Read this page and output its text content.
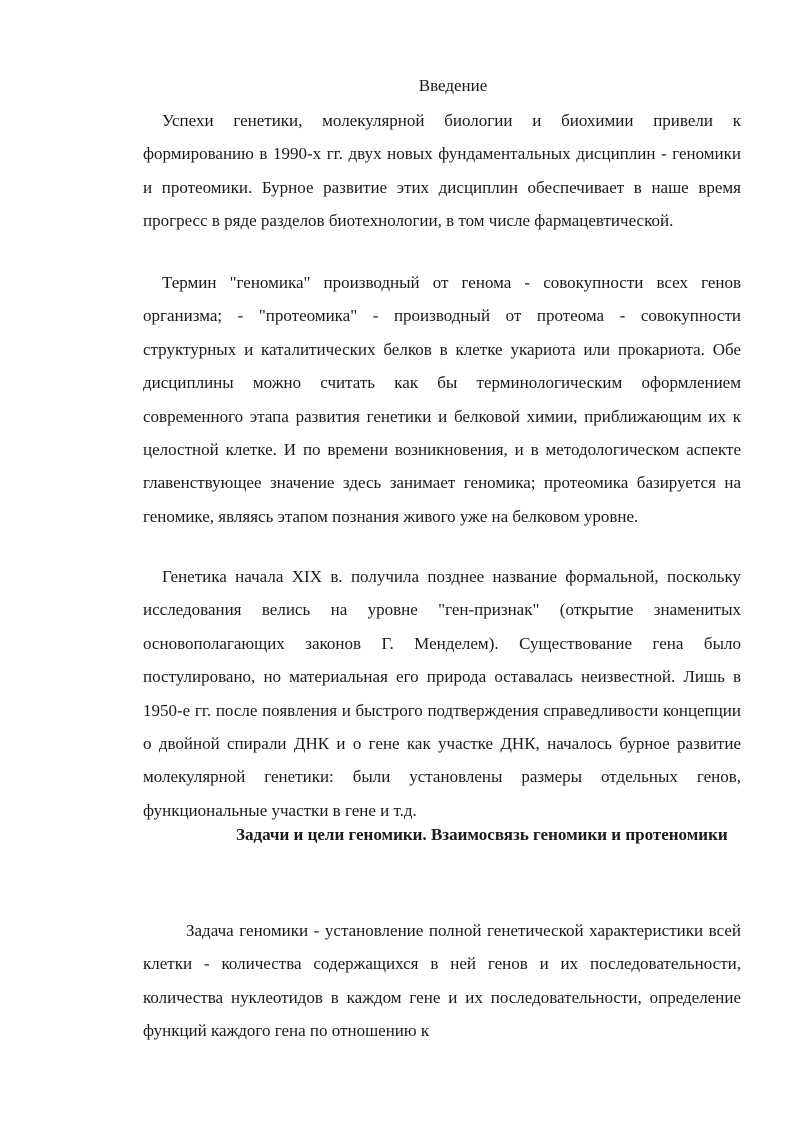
Введение

Успехи генетики, молекулярной биологии и биохимии привели к формированию в 1990-х гг. двух новых фундаментальных дисциплин - геномики и протеомики. Бурное развитие этих дисциплин обеспечивает в наше время прогресс в ряде разделов биотехнологии, в том числе фармацевтической.

Термин "геномика" производный от генома - совокупности всех генов организма; - "протеомика" - производный от протеома - совокупности структурных и каталитических белков в клетке укариота или прокариота. Обе дисциплины можно считать как бы терминологическим оформлением современного этапа развития генетики и белковой химии, приближающим их к целостной клетке. И по времени возникновения, и в методологическом аспекте главенствующее значение здесь занимает геномика; протеомика базируется на геномике, являясь этапом познания живого уже на белковом уровне.

Генетика начала XIX в. получила позднее название формальной, поскольку исследования велись на уровне "ген-признак" (открытие знаменитых основополагающих законов Г. Менделем). Существование гена было постулировано, но материальная его природа оставалась неизвестной. Лишь в 1950-е гг. после появления и быстрого подтверждения справедливости концепции о двойной спирали ДНК и о гене как участке ДНК, началось бурное развитие молекулярной генетики: были установлены размеры отдельных генов, функциональные участки в гене и т.д.

Задачи и цели геномики. Взаимосвязь геномики и протеномики

Задача геномики - установление полной генетической характеристики всей клетки - количества содержащихся в ней генов и их последовательности, количества нуклеотидов в каждом гене и их последовательности, определение функций каждого гена по отношению к
